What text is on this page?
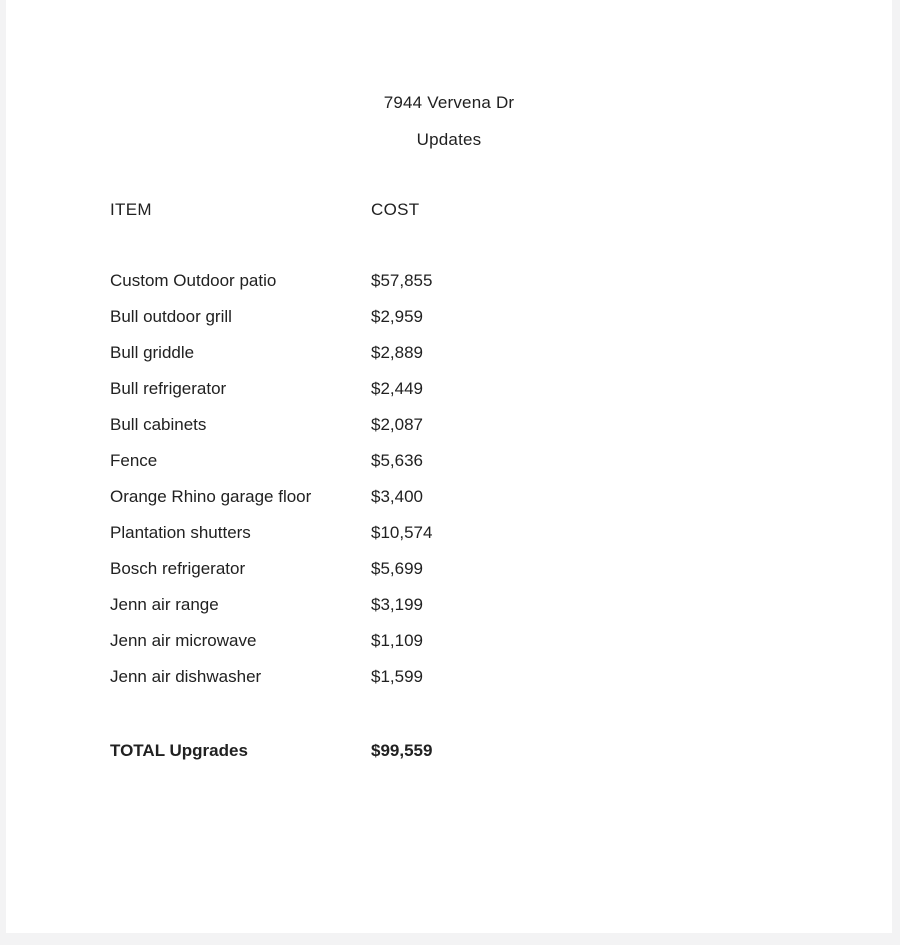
7944 Vervena Dr

Updates

ITEM	COST
Custom Outdoor patio	$57,855
Bull outdoor grill	$2,959
Bull griddle	$2,889
Bull refrigerator	$2,449
Bull cabinets	$2,087
Fence	$5,636
Orange Rhino garage floor	$3,400
Plantation shutters	$10,574
Bosch refrigerator	$5,699
Jenn air range	$3,199
Jenn air microwave	$1,109
Jenn air dishwasher	$1,599
TOTAL Upgrades	$99,559
